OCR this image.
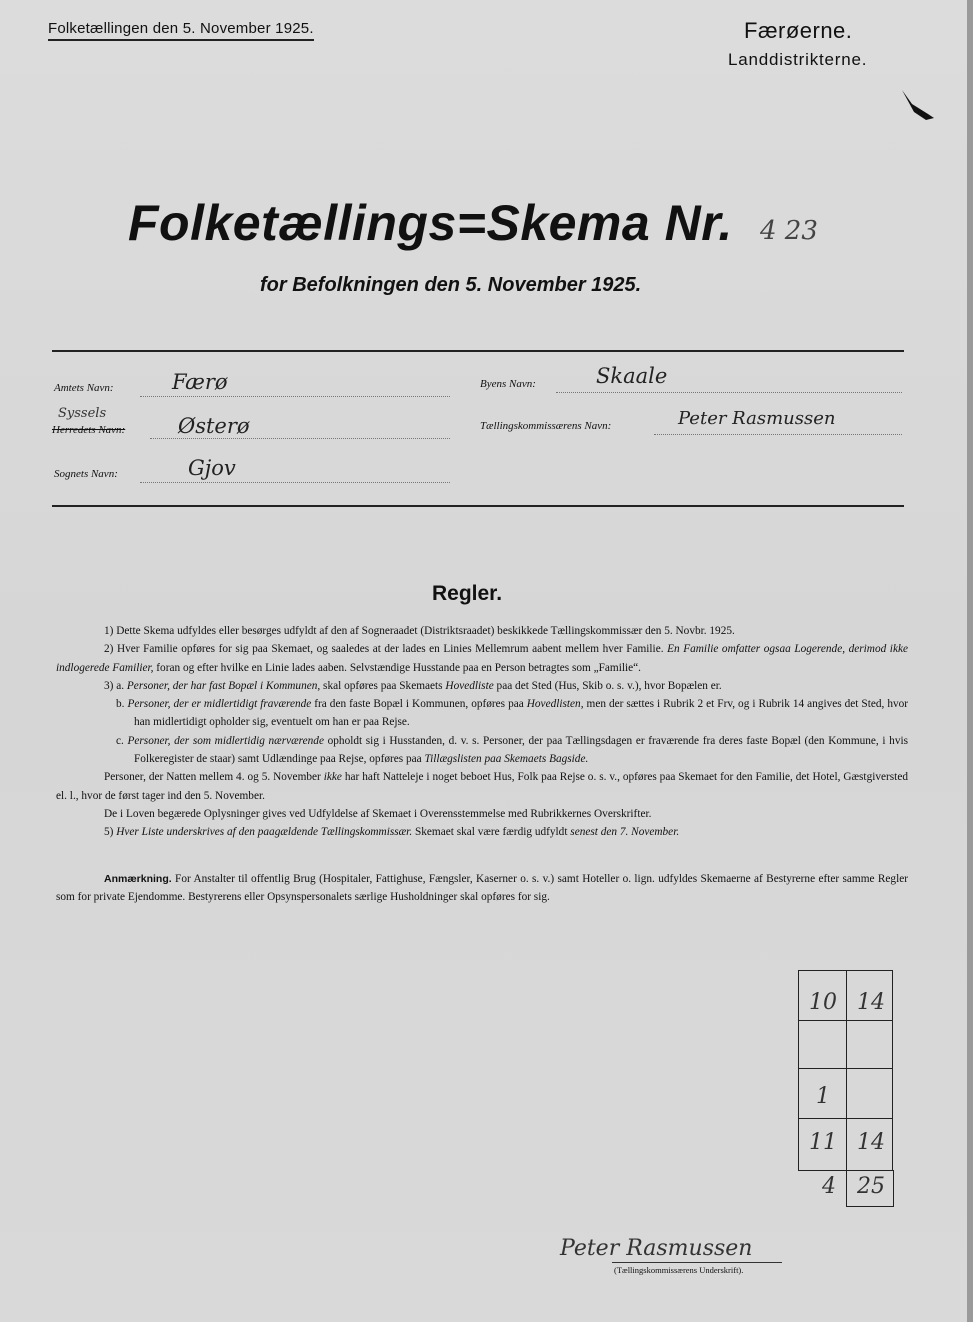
Folketællingen den 5. November 1925.	Færøerne.
Landdistrikterne.
Folketællings=Skema Nr. 4 23
for Befolkningen den 5. November 1925.
Amtets Navn:	Færø
Syssels
Herredets Navn:	Østerø
Sognets Navn:	Gjov
Byens Navn:	Skaale
Tællingskommissærens Navn:	Peter Rasmussen
Regler.

1) Dette Skema udfyldes eller besørges udfyldt af den af Sogneraadet (Distriktsraadet) beskikkede Tællingskommissær den 5. Novbr. 1925.

2) Hver Familie opføres for sig paa Skemaet, og saaledes at der lades en Linies Mellemrum aabent mellem hver Familie. En Familie omfatter ogsaa Logerende, derimod ikke indlogerede Familier, foran og efter hvilke en Linie lades aaben. Selvstændige Husstande paa en Person betragtes som „Familie“.

3) a. Personer, der har fast Bopæl i Kommunen, skal opføres paa Skemaets Hovedliste paa det Sted (Hus, Skib o. s. v.), hvor Bopælen er.

b. Personer, der er midlertidigt fraværende fra den faste Bopæl i Kommunen, opføres paa Hovedlisten, men der sættes i Rubrik 2 et Frv, og i Rubrik 14 angives det Sted, hvor han midlertidigt opholder sig, eventuelt om han er paa Rejse.

c. Personer, der som midlertidig nærværende opholdt sig i Husstanden, d. v. s. Personer, der paa Tællingsdagen er fraværende fra deres faste Bopæl (den Kommune, i hvis Folkeregister de staar) samt Udlændinge paa Rejse, opføres paa Tillægslisten paa Skemaets Bagside.

Personer, der Natten mellem 4. og 5. November ikke har haft Natteleje i noget beboet Hus, Folk paa Rejse o. s. v., opføres paa Skemaet for den Familie, det Hotel, Gæstgiversted el. l., hvor de først tager ind den 5. November.

De i Loven begærede Oplysninger gives ved Udfyldelse af Skemaet i Overensstemmelse med Rubrikkernes Overskrifter.

5) Hver Liste underskrives af den paagældende Tællingskommissær. Skemaet skal være færdig udfyldt senest den 7. November.

Anmærkning. For Anstalter til offentlig Brug (Hospitaler, Fattighuse, Fængsler, Kaserner o. s. v.) samt Hoteller o. lign. udfyldes Skemaerne af Bestyrerne efter samme Regler som for private Ejendomme. Bestyrerens eller Opsynspersonalets særlige Husholdninger skal opføres for sig.
10 14
1
11 14
4 25
Peter Rasmussen
(Tællingskommissærens Underskrift).
